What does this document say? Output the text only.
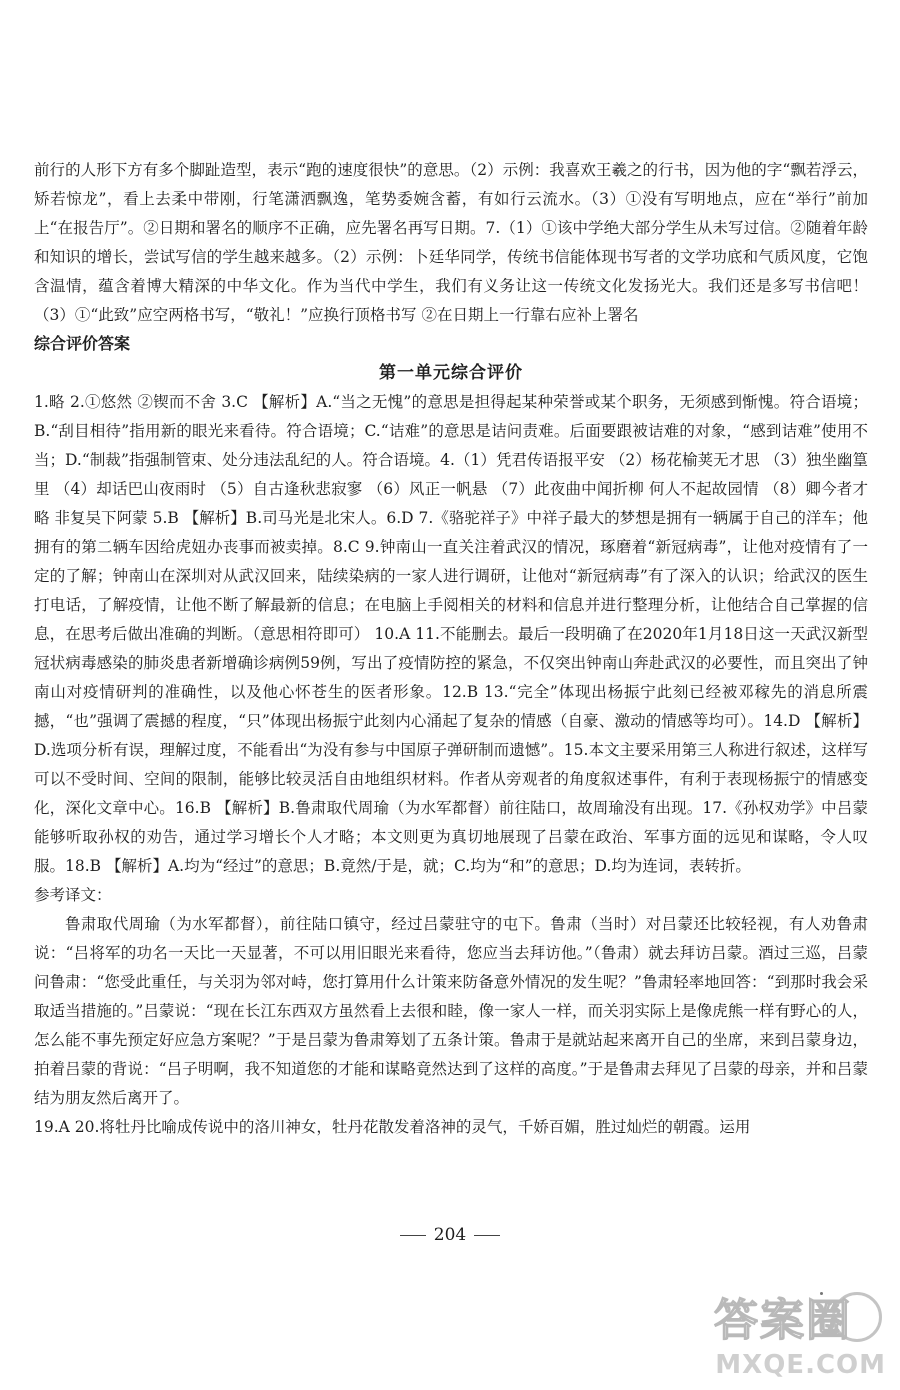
前行的人形下方有多个脚趾造型，表示“跑的速度很快”的意思。（2）示例：我喜欢王羲之的行书，因为他的字“飘若浮云，矫若惊龙”，看上去柔中带刚，行笔潇洒飘逸，笔势委婉含蓄，有如行云流水。（3）①没有写明地点，应在“举行”前加上“在报告厅”。②日期和署名的顺序不正确，应先署名再写日期。7.（1）①该中学绝大部分学生从未写过信。②随着年龄和知识的增长，尝试写信的学生越来越多。（2）示例：卜廷华同学，传统书信能体现书写者的文学功底和气质风度，它饱含温情，蕴含着博大精深的中华文化。作为当代中学生，我们有义务让这一传统文化发扬光大。我们还是多写书信吧！（3）①“此致”应空两格书写，“敬礼！”应换行顶格书写 ②在日期上一行靠右应补上署名

综合评价答案

第一单元综合评价

1.略 2.①悠然 ②锲而不舍 3.C 【解析】A.“当之无愧”的意思是担得起某种荣誉或某个职务，无须感到惭愧。符合语境；B.“刮目相待”指用新的眼光来看待。符合语境；C.“诘难”的意思是诘问责难。后面要跟被诘难的对象，“感到诘难”使用不当；D.“制裁”指强制管束、处分违法乱纪的人。符合语境。4.（1）凭君传语报平安 （2）杨花榆荚无才思 （3）独坐幽篁里 （4）却话巴山夜雨时 （5）自古逢秋悲寂寥 （6）风正一帆悬 （7）此夜曲中闻折柳 何人不起故园情 （8）卿今者才略 非复吴下阿蒙 5.B 【解析】B.司马光是北宋人。6.D 7.《骆驼祥子》中祥子最大的梦想是拥有一辆属于自己的洋车；他拥有的第二辆车因给虎妞办丧事而被卖掉。8.C 9.钟南山一直关注着武汉的情况，琢磨着“新冠病毒”，让他对疫情有了一定的了解；钟南山在深圳对从武汉回来，陆续染病的一家人进行调研，让他对“新冠病毒”有了深入的认识；给武汉的医生打电话，了解疫情，让他不断了解最新的信息；在电脑上手阅相关的材料和信息并进行整理分析，让他结合自己掌握的信息，在思考后做出准确的判断。（意思相符即可） 10.A 11.不能删去。最后一段明确了在2020年1月18日这一天武汉新型冠状病毒感染的肺炎患者新增确诊病例59例，写出了疫情防控的紧急，不仅突出钟南山奔赴武汉的必要性，而且突出了钟南山对疫情研判的准确性，以及他心怀苍生的医者形象。12.B 13.“完全”体现出杨振宁此刻已经被邓稼先的消息所震撼，“也”强调了震撼的程度，“只”体现出杨振宁此刻内心涌起了复杂的情感（自豪、激动的情感等均可）。14.D 【解析】D.选项分析有误，理解过度，不能看出“为没有参与中国原子弹研制而遗憾”。15.本文主要采用第三人称进行叙述，这样写可以不受时间、空间的限制，能够比较灵活自由地组织材料。作者从旁观者的角度叙述事件，有利于表现杨振宁的情感变化，深化文章中心。16.B 【解析】B.鲁肃取代周瑜（为水军都督）前往陆口，故周瑜没有出现。17.《孙权劝学》中吕蒙能够听取孙权的劝告，通过学习增长个人才略；本文则更为真切地展现了吕蒙在政治、军事方面的远见和谋略，令人叹服。18.B 【解析】A.均为“经过”的意思；B.竟然/于是，就；C.均为“和”的意思；D.均为连词，表转折。

参考译文：

鲁肃取代周瑜（为水军都督），前往陆口镇守，经过吕蒙驻守的屯下。鲁肃（当时）对吕蒙还比较轻视，有人劝鲁肃说：“吕将军的功名一天比一天显著，不可以用旧眼光来看待，您应当去拜访他。”（鲁肃）就去拜访吕蒙。酒过三巡，吕蒙问鲁肃：“您受此重任，与关羽为邻对峙，您打算用什么计策来防备意外情况的发生呢？”鲁肃轻率地回答：“到那时我会采取适当措施的。”吕蒙说：“现在长江东西双方虽然看上去很和睦，像一家人一样，而关羽实际上是像虎熊一样有野心的人，怎么能不事先预定好应急方案呢？”于是吕蒙为鲁肃筹划了五条计策。鲁肃于是就站起来离开自己的坐席，来到吕蒙身边，拍着吕蒙的背说：“吕子明啊，我不知道您的才能和谋略竟然达到了这样的高度。”于是鲁肃去拜见了吕蒙的母亲，并和吕蒙结为朋友然后离开了。

19.A 20.将牡丹比喻成传说中的洛川神女，牡丹花散发着洛神的灵气，千娇百媚，胜过灿烂的朝霞。运用

204
答案圈
MXQE.COM
